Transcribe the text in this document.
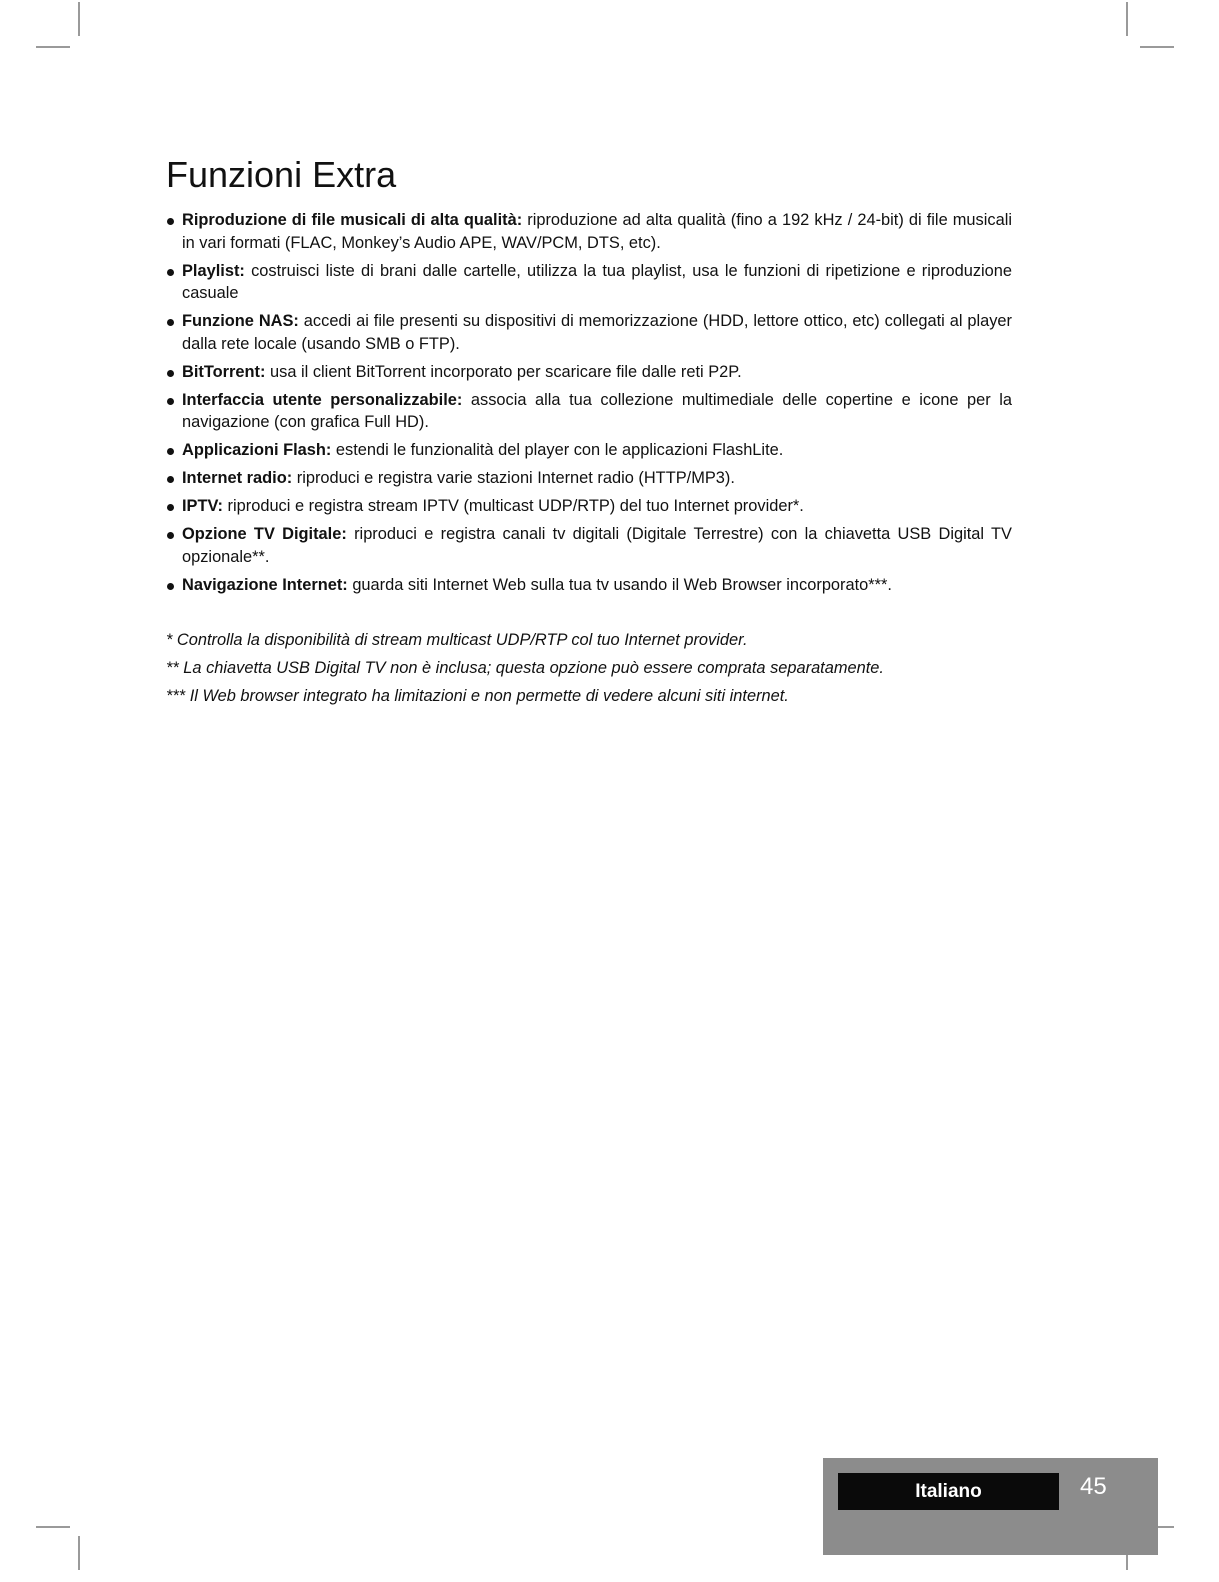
Funzioni Extra
Riproduzione di file musicali di alta qualità: riproduzione ad alta qualità (fino a 192 kHz / 24-bit) di file musicali in vari formati (FLAC, Monkey’s Audio APE, WAV/PCM, DTS, etc).
Playlist: costruisci liste di brani dalle cartelle, utilizza la tua playlist, usa le funzioni di ripetizione e riproduzione casuale
Funzione NAS: accedi ai file presenti su dispositivi di memorizzazione (HDD, lettore ottico, etc) collegati al player dalla rete locale (usando SMB o FTP).
BitTorrent: usa il client BitTorrent incorporato per scaricare file dalle reti P2P.
Interfaccia utente personalizzabile: associa alla tua collezione multimediale delle copertine e icone per la navigazione (con grafica Full HD).
Applicazioni Flash: estendi le funzionalità del player con le applicazioni FlashLite.
Internet radio: riproduci e registra varie stazioni Internet radio (HTTP/MP3).
IPTV: riproduci e registra stream IPTV (multicast UDP/RTP) del tuo Internet provider*.
Opzione TV Digitale: riproduci e registra canali tv digitali (Digitale Terrestre) con la chiavetta USB Digital TV opzionale**.
Navigazione Internet: guarda siti Internet Web sulla tua tv usando il Web Browser incorporato***.

* Controlla la disponibilità di stream multicast UDP/RTP col tuo Internet provider.

** La chiavetta USB Digital TV non è inclusa; questa opzione può essere comprata separatamente.

*** Il Web browser integrato ha limitazioni e non permette di vedere alcuni siti internet.

Italiano	45
